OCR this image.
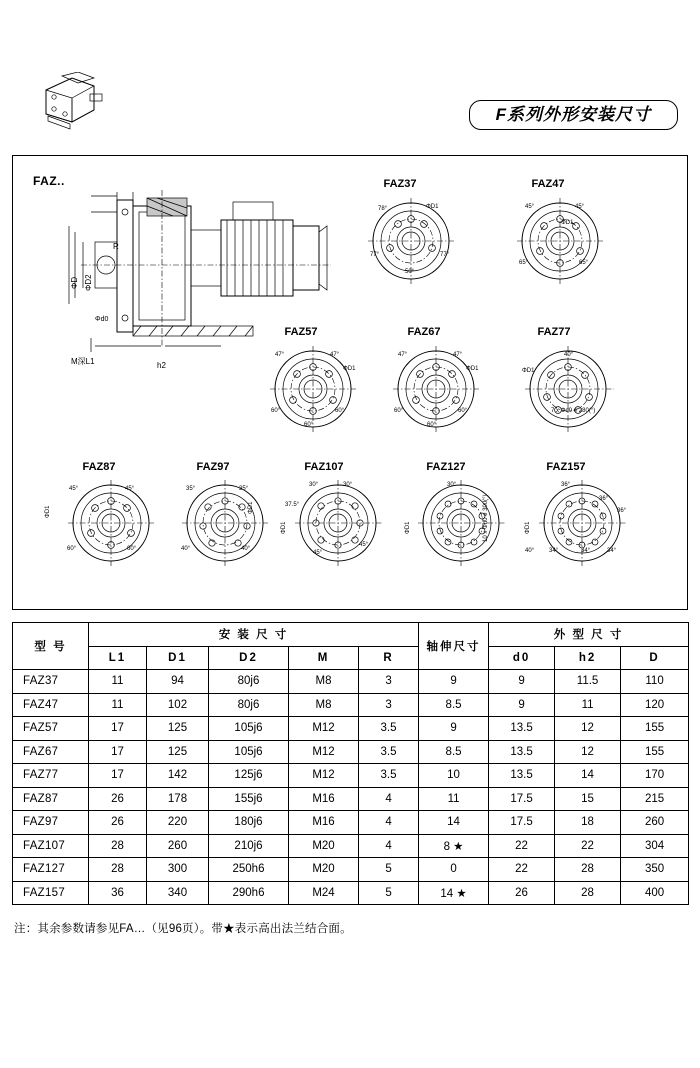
F系列外形安装尺寸
FAZ..
l
R
ΦD ΦD2
Φd0
M深L1	h2
FAZ37
78°
77°	77°
50°
ΦD1
FAZ47
45°	45°
65°	65°
ΦD1
FAZ57
47°	47°
60°
60°
60°
ΦD1
FAZ67
47°	47°
60°
60°
60°
ΦD1
FAZ77
40°
ΦD1
7 x Φd0 e 280(°)
FAZ87
45°	45°
60°	60°
ΦD1
FAZ97
35°	35°
40°	40°
ΦD1
FAZ107
30°	30°
37.5°
45°
45°
ΦD1
FAZ127
30°
ΦD1	10 x Φd0 e 300(°)
FAZ157
36°
36°
36°
34°	34°
40°	34°
ΦD1
型 号	安 装 尺 寸					轴伸尺寸	外 型 尺 寸		
	L1	D1	D2	M	R		d0	h2	D
FAZ37	11	94	80j6	M8	3	9	9	11.5	110
FAZ47	11	102	80j6	M8	3	8.5	9	11	120
FAZ57	17	125	105j6	M12	3.5	9	13.5	12	155
FAZ67	17	125	105j6	M12	3.5	8.5	13.5	12	155
FAZ77	17	142	125j6	M12	3.5	10	13.5	14	170
FAZ87	26	178	155j6	M16	4	11	17.5	15	215
FAZ97	26	220	180j6	M16	4	14	17.5	18	260
FAZ107	28	260	210j6	M20	4	8 ★	22	22	304
FAZ127	28	300	250h6	M20	5	0	22	28	350
FAZ157	36	340	290h6	M24	5	14 ★	26	28	400
注：其余参数请参见FA…（见96页）。带★表示高出法兰结合面。
